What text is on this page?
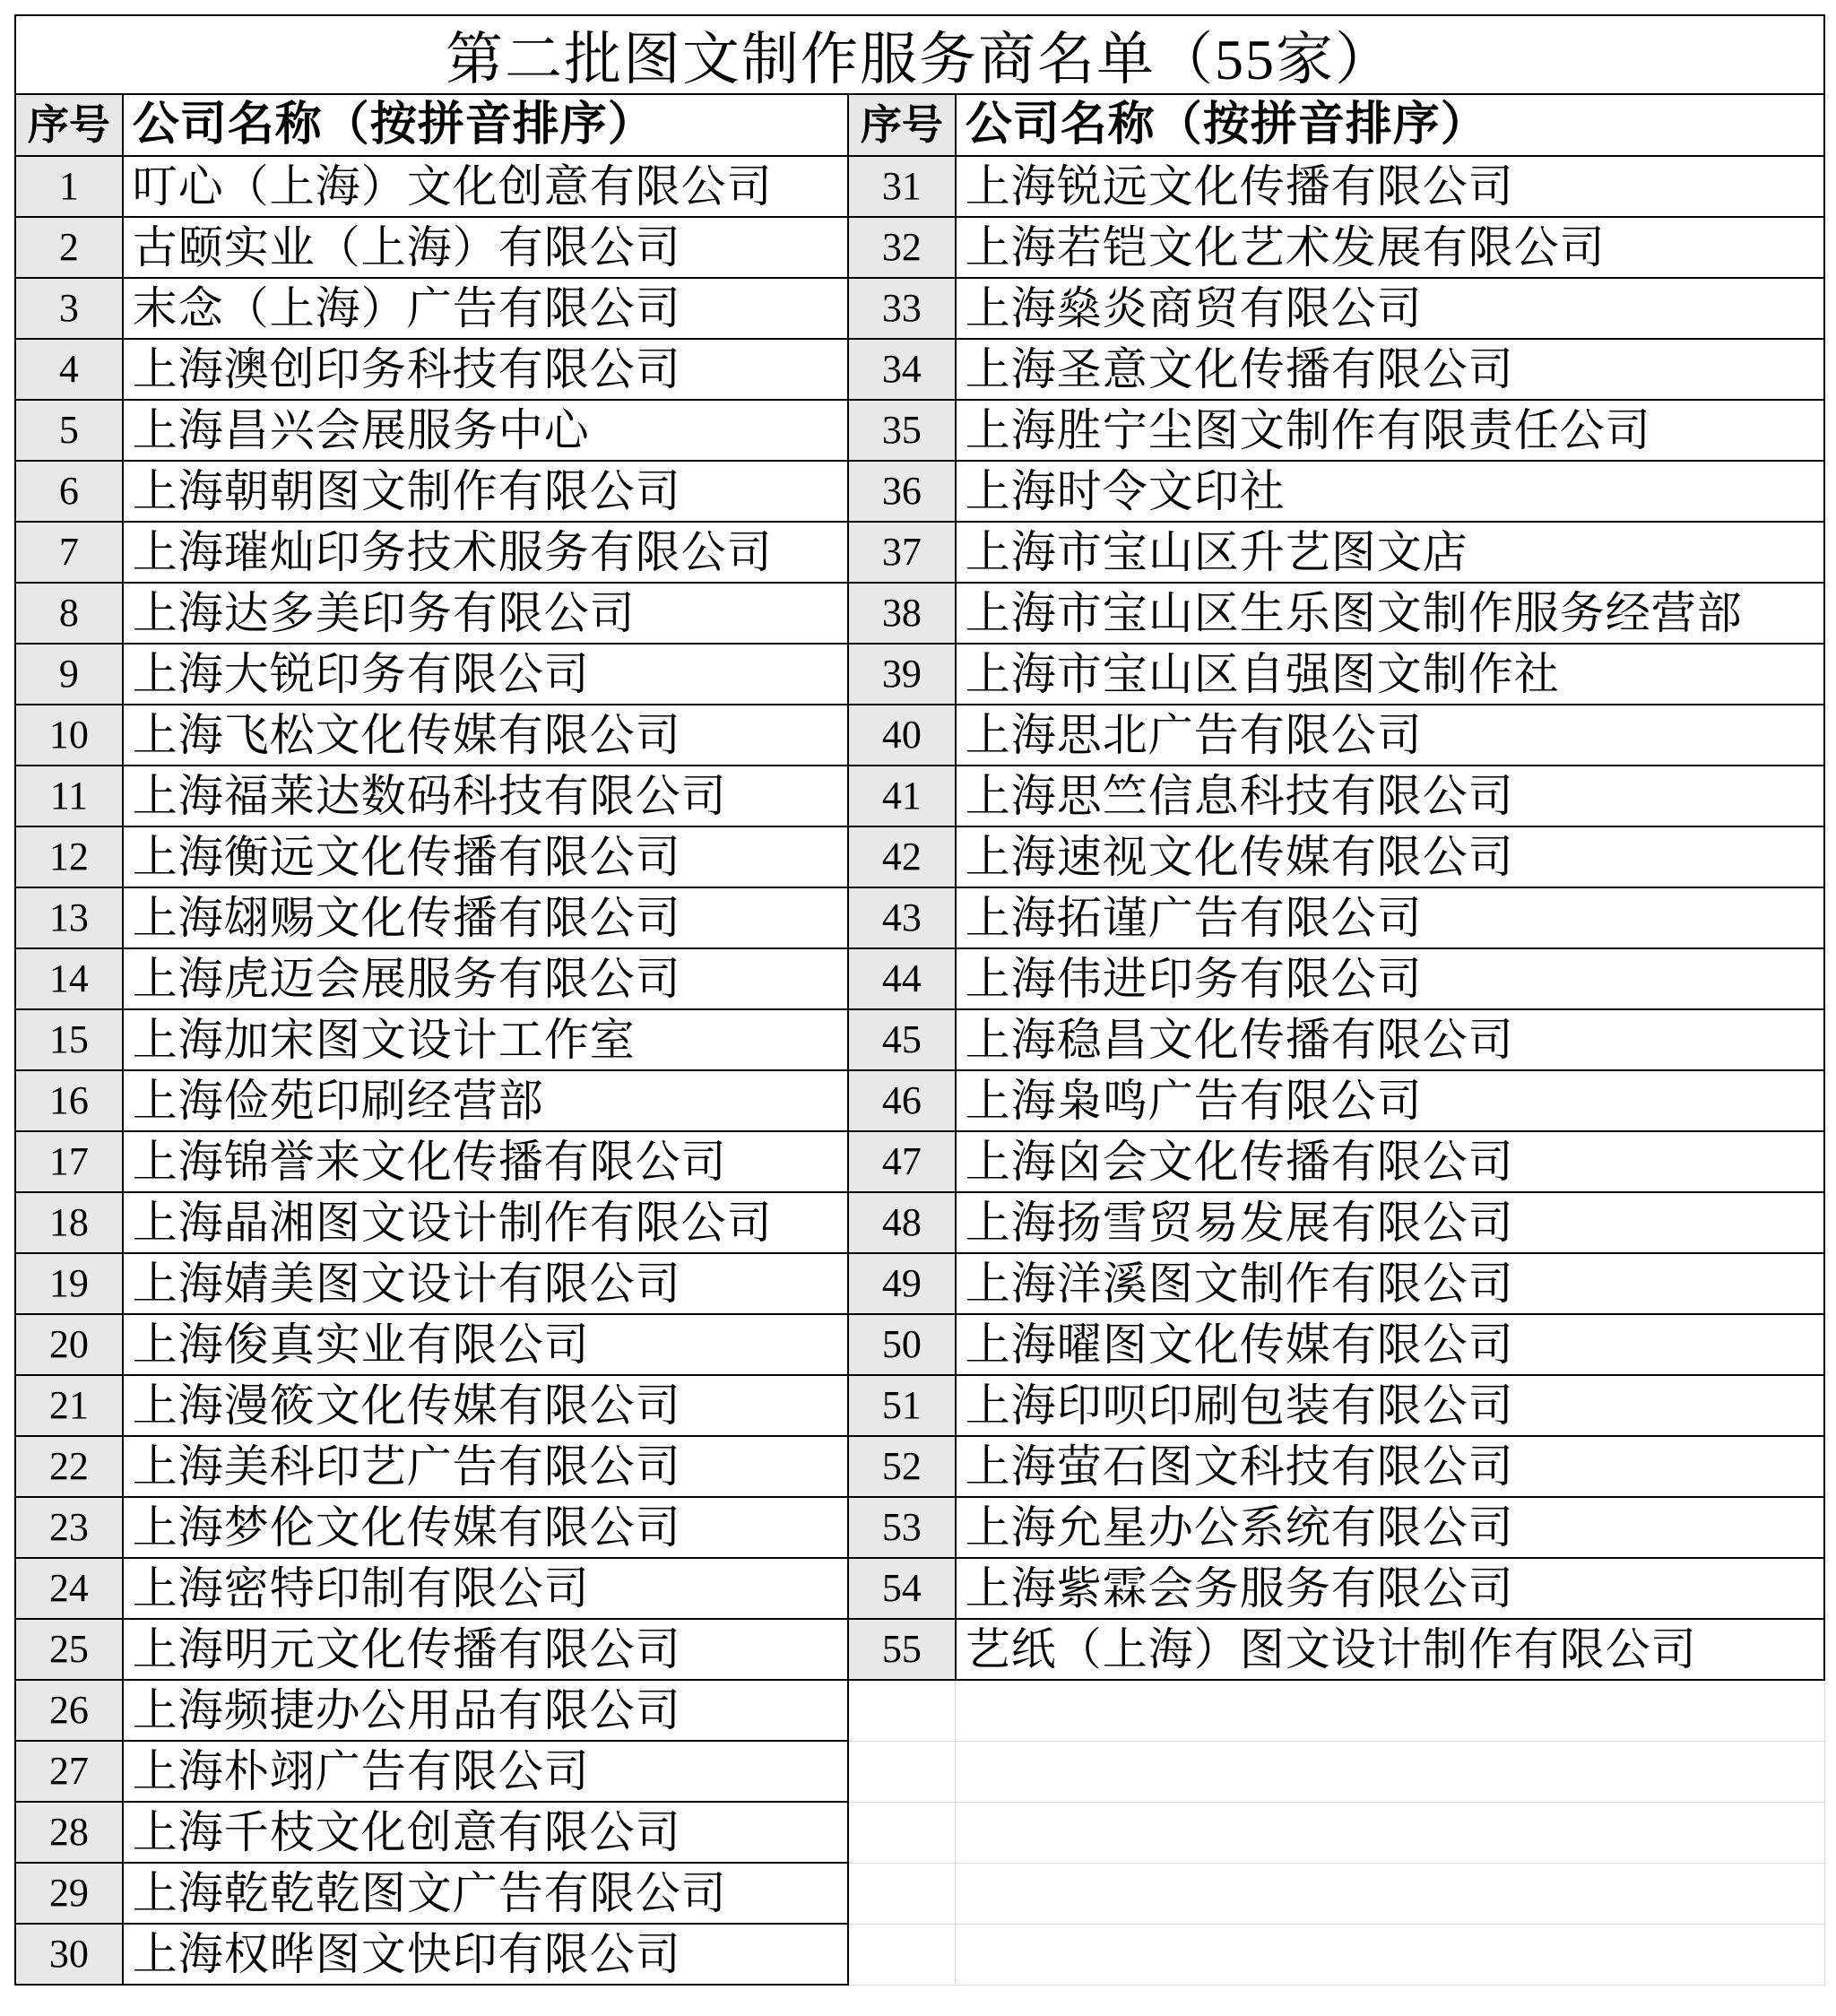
第二批图文制作服务商名单（55家）
序号	公司名称（按拼音排序）	序号	公司名称（按拼音排序）
1	叮心（上海）文化创意有限公司	31	上海锐远文化传播有限公司
2	古颐实业（上海）有限公司	32	上海若铠文化艺术发展有限公司
3	末念（上海）广告有限公司	33	上海燊炎商贸有限公司
4	上海澳创印务科技有限公司	34	上海圣意文化传播有限公司
5	上海昌兴会展服务中心	35	上海胜宁尘图文制作有限责任公司
6	上海朝朝图文制作有限公司	36	上海时令文印社
7	上海璀灿印务技术服务有限公司	37	上海市宝山区升艺图文店
8	上海达多美印务有限公司	38	上海市宝山区生乐图文制作服务经营部
9	上海大锐印务有限公司	39	上海市宝山区自强图文制作社
10	上海飞松文化传媒有限公司	40	上海思北广告有限公司
11	上海福莱达数码科技有限公司	41	上海思竺信息科技有限公司
12	上海衡远文化传播有限公司	42	上海速视文化传媒有限公司
13	上海翃赐文化传播有限公司	43	上海拓谨广告有限公司
14	上海虎迈会展服务有限公司	44	上海伟进印务有限公司
15	上海加宋图文设计工作室	45	上海稳昌文化传播有限公司
16	上海俭苑印刷经营部	46	上海枭鸣广告有限公司
17	上海锦誉来文化传播有限公司	47	上海囟会文化传播有限公司
18	上海晶湘图文设计制作有限公司	48	上海扬雪贸易发展有限公司
19	上海婧美图文设计有限公司	49	上海洋溪图文制作有限公司
20	上海俊真实业有限公司	50	上海曜图文化传媒有限公司
21	上海漫筱文化传媒有限公司	51	上海印呗印刷包装有限公司
22	上海美科印艺广告有限公司	52	上海萤石图文科技有限公司
23	上海梦伦文化传媒有限公司	53	上海允星办公系统有限公司
24	上海密特印制有限公司	54	上海紫霖会务服务有限公司
25	上海明元文化传播有限公司	55	艺纸（上海）图文设计制作有限公司
26	上海频捷办公用品有限公司		
27	上海朴翊广告有限公司		
28	上海千枝文化创意有限公司		
29	上海乾乾乾图文广告有限公司		
30	上海权晔图文快印有限公司		
